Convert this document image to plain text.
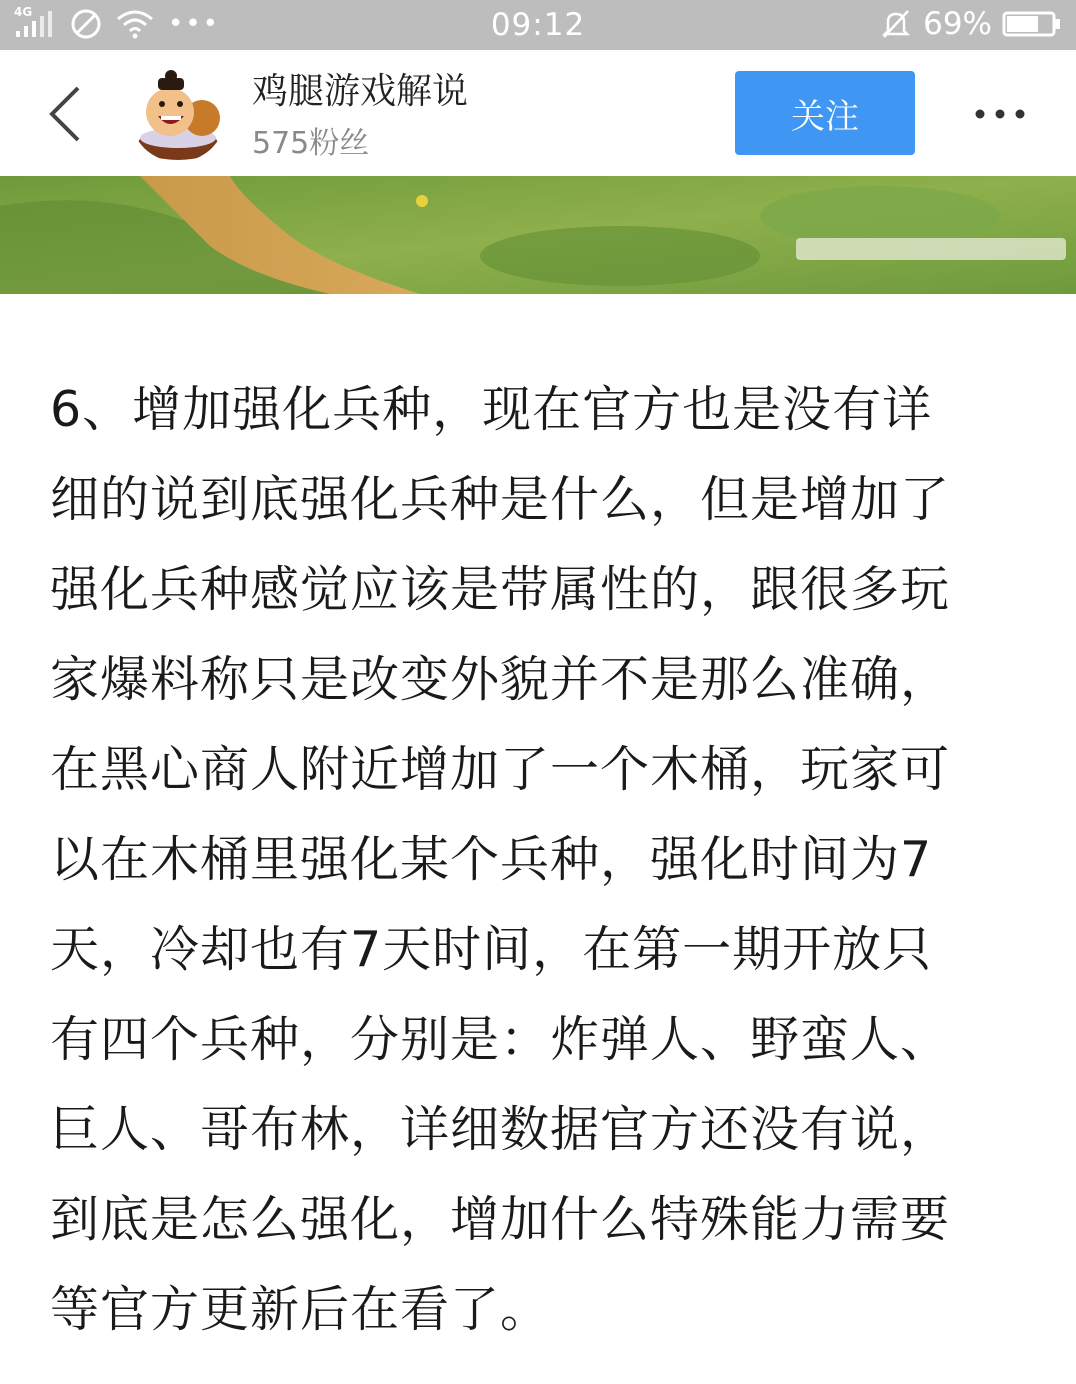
4G	•••	09:12	69%
鸡腿游戏解说
575粉丝
关注
6、增加强化兵种，现在官方也是没有详
细的说到底强化兵种是什么，但是增加了
强化兵种感觉应该是带属性的，跟很多玩
家爆料称只是改变外貌并不是那么准确，
在黑心商人附近增加了一个木桶，玩家可
以在木桶里强化某个兵种，强化时间为7
天，冷却也有7天时间，在第一期开放只
有四个兵种，分别是：炸弹人、野蛮人、
巨人、哥布林，详细数据官方还没有说，
到底是怎么强化，增加什么特殊能力需要
等官方更新后在看了。
